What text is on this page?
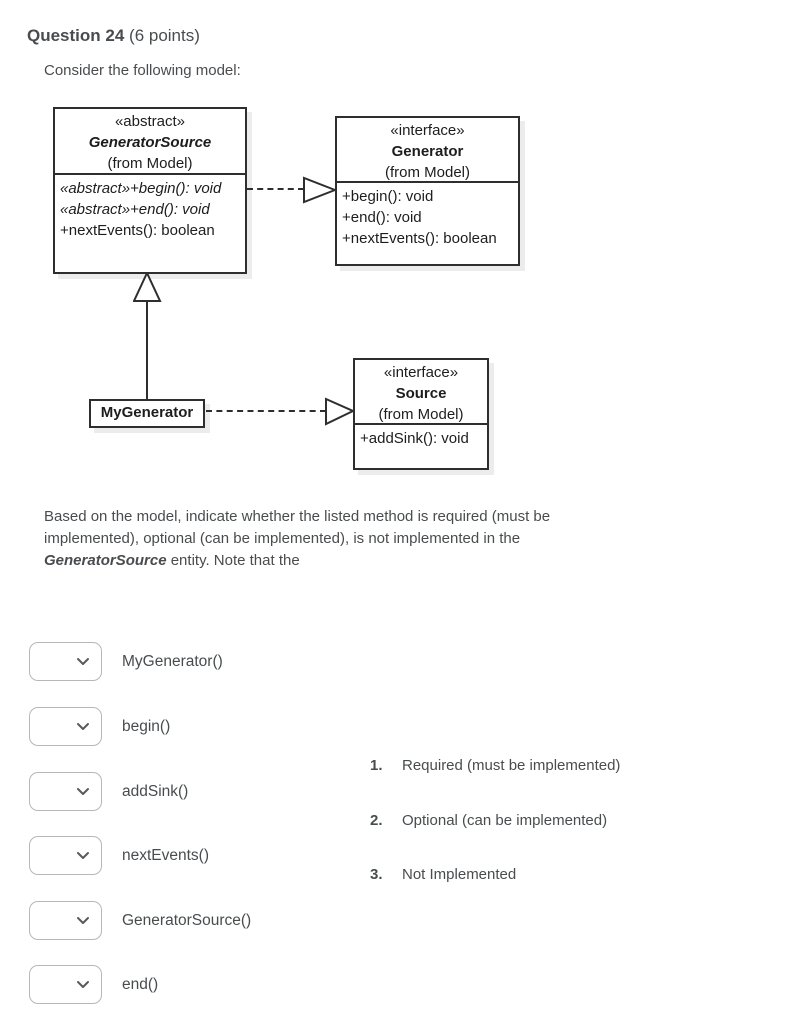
Question 24 (6 points)
Consider the following model:
«abstract»
GeneratorSource
(from Model)
«abstract»+begin(): void
«abstract»+end(): void
+nextEvents(): boolean
«interface»
Generator
(from Model)
+begin(): void
+end(): void
+nextEvents(): boolean
«interface»
Source
(from Model)
+addSink(): void
MyGenerator
Based on the model, indicate whether the listed method is required (must be
implemented), optional (can be implemented), is not implemented in the
GeneratorSource entity. Note that the
MyGenerator()
begin()
addSink()
nextEvents()
GeneratorSource()
end()
1. Required (must be implemented)
2. Optional (can be implemented)
3. Not Implemented
